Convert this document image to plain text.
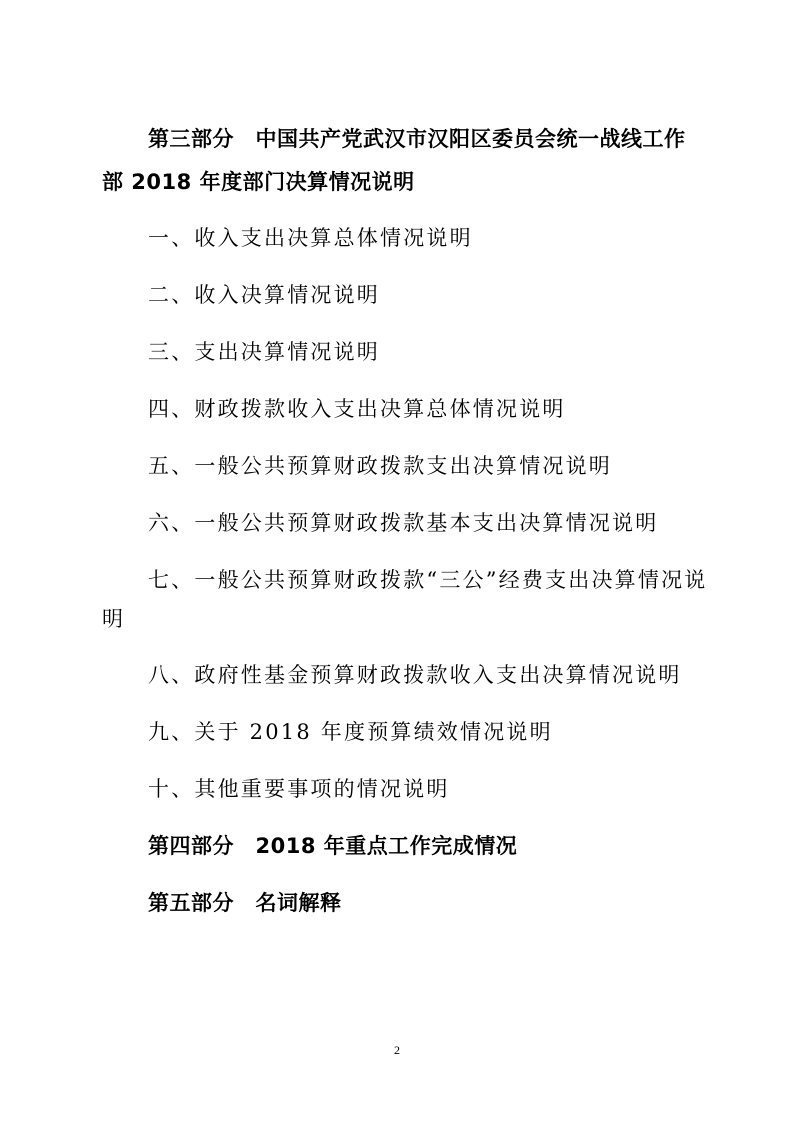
第三部分　中国共产党武汉市汉阳区委员会统一战线工作
部 2018 年度部门决算情况说明
一、收入支出决算总体情况说明
二、收入决算情况说明
三、支出决算情况说明
四、财政拨款收入支出决算总体情况说明
五、一般公共预算财政拨款支出决算情况说明
六、一般公共预算财政拨款基本支出决算情况说明
七、一般公共预算财政拨款“三公”经费支出决算情况说
明
八、政府性基金预算财政拨款收入支出决算情况说明
九、关于 2018 年度预算绩效情况说明
十、其他重要事项的情况说明
第四部分　2018 年重点工作完成情况
第五部分　名词解释
2
